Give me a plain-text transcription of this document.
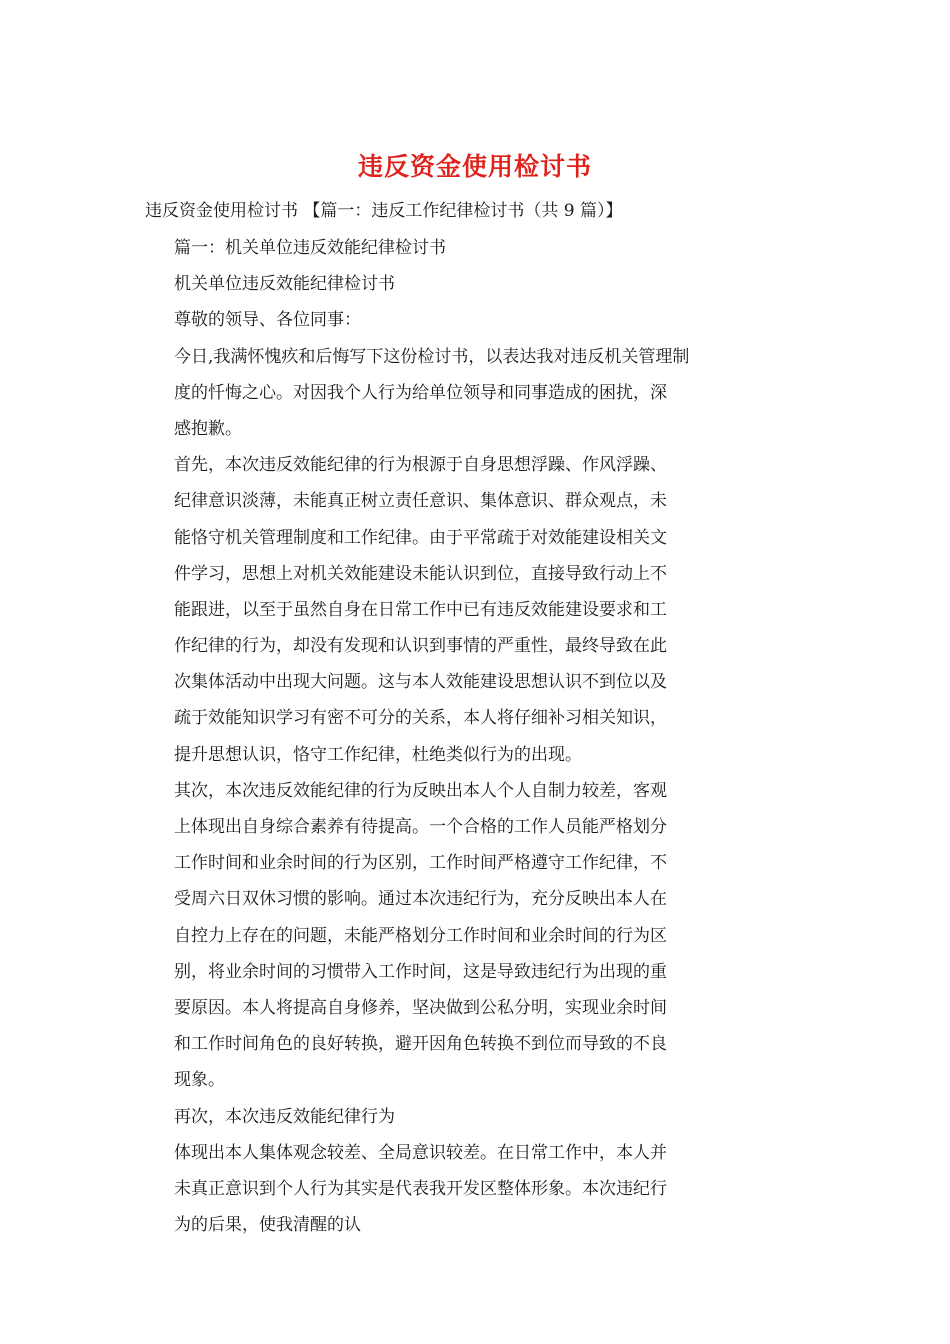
违反资金使用检讨书
违反资金使用检讨书 【篇一：违反工作纪律检讨书（共 9 篇）】
篇一：机关单位违反效能纪律检讨书
机关单位违反效能纪律检讨书
尊敬的领导、各位同事：
今日,我满怀愧疚和后悔写下这份检讨书，以表达我对违反机关管理制
度的忏悔之心。对因我个人行为给单位领导和同事造成的困扰，深
感抱歉。
首先，本次违反效能纪律的行为根源于自身思想浮躁、作风浮躁、
纪律意识淡薄，未能真正树立责任意识、集体意识、群众观点，未
能恪守机关管理制度和工作纪律。由于平常疏于对效能建设相关文
件学习，思想上对机关效能建设未能认识到位，直接导致行动上不
能跟进，以至于虽然自身在日常工作中已有违反效能建设要求和工
作纪律的行为，却没有发现和认识到事情的严重性，最终导致在此
次集体活动中出现大问题。这与本人效能建设思想认识不到位以及
疏于效能知识学习有密不可分的关系，本人将仔细补习相关知识，
提升思想认识，恪守工作纪律，杜绝类似行为的出现。
其次，本次违反效能纪律的行为反映出本人个人自制力较差，客观
上体现出自身综合素养有待提高。一个合格的工作人员能严格划分
工作时间和业余时间的行为区别，工作时间严格遵守工作纪律，不
受周六日双休习惯的影响。通过本次违纪行为，充分反映出本人在
自控力上存在的问题，未能严格划分工作时间和业余时间的行为区
别，将业余时间的习惯带入工作时间，这是导致违纪行为出现的重
要原因。本人将提高自身修养，坚决做到公私分明，实现业余时间
和工作时间角色的良好转换，避开因角色转换不到位而导致的不良
现象。
再次，本次违反效能纪律行为
体现出本人集体观念较差、全局意识较差。在日常工作中，本人并
未真正意识到个人行为其实是代表我开发区整体形象。本次违纪行
为的后果，使我清醒的认
